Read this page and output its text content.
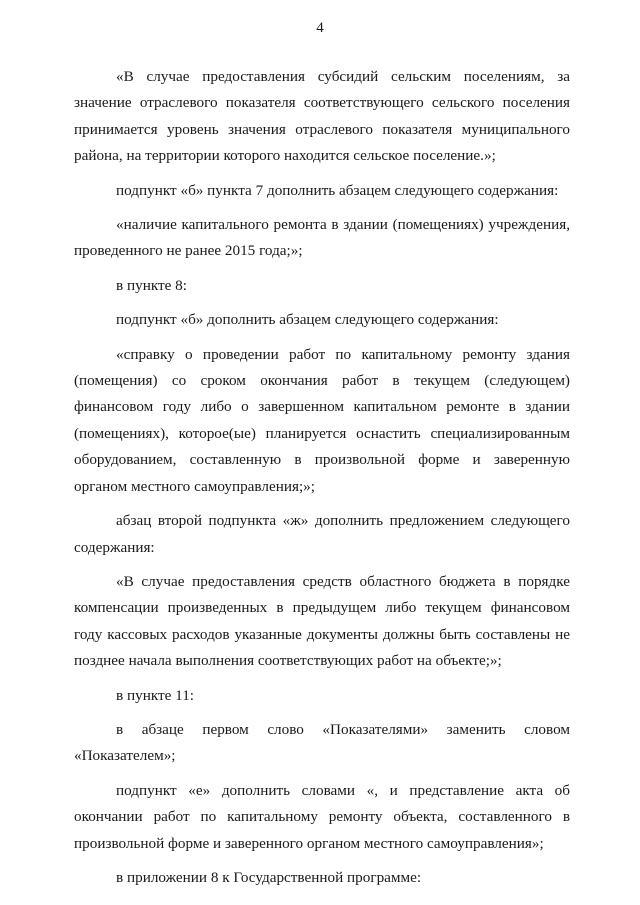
4

«В случае предоставления субсидий сельским поселениям, за значение отраслевого показателя соответствующего сельского поселения принимается уровень значения отраслевого показателя муниципального района, на территории которого находится сельское поселение.»;

подпункт «б» пункта 7 дополнить абзацем следующего содержания:

«наличие капитального ремонта в здании (помещениях) учреждения, проведенного не ранее 2015 года;»;

в пункте 8:

подпункт «б» дополнить абзацем следующего содержания:

«справку о проведении работ по капитальному ремонту здания (помещения) со сроком окончания работ в текущем (следующем) финансовом году либо о завершенном капитальном ремонте в здании (помещениях), которое(ые) планируется оснастить специализированным оборудованием, составленную в произвольной форме и заверенную органом местного самоуправления;»;

абзац второй подпункта «ж» дополнить предложением следующего содержания:

«В случае предоставления средств областного бюджета в порядке компенсации произведенных в предыдущем либо текущем финансовом году кассовых расходов указанные документы должны быть составлены не позднее начала выполнения соответствующих работ на объекте;»;

в пункте 11:

в абзаце первом слово «Показателями» заменить словом «Показателем»;

подпункт «е» дополнить словами «, и представление акта об окончании работ по капитальному ремонту объекта, составленного в произвольной форме и заверенного органом местного самоуправления»;

в приложении 8 к Государственной программе:
